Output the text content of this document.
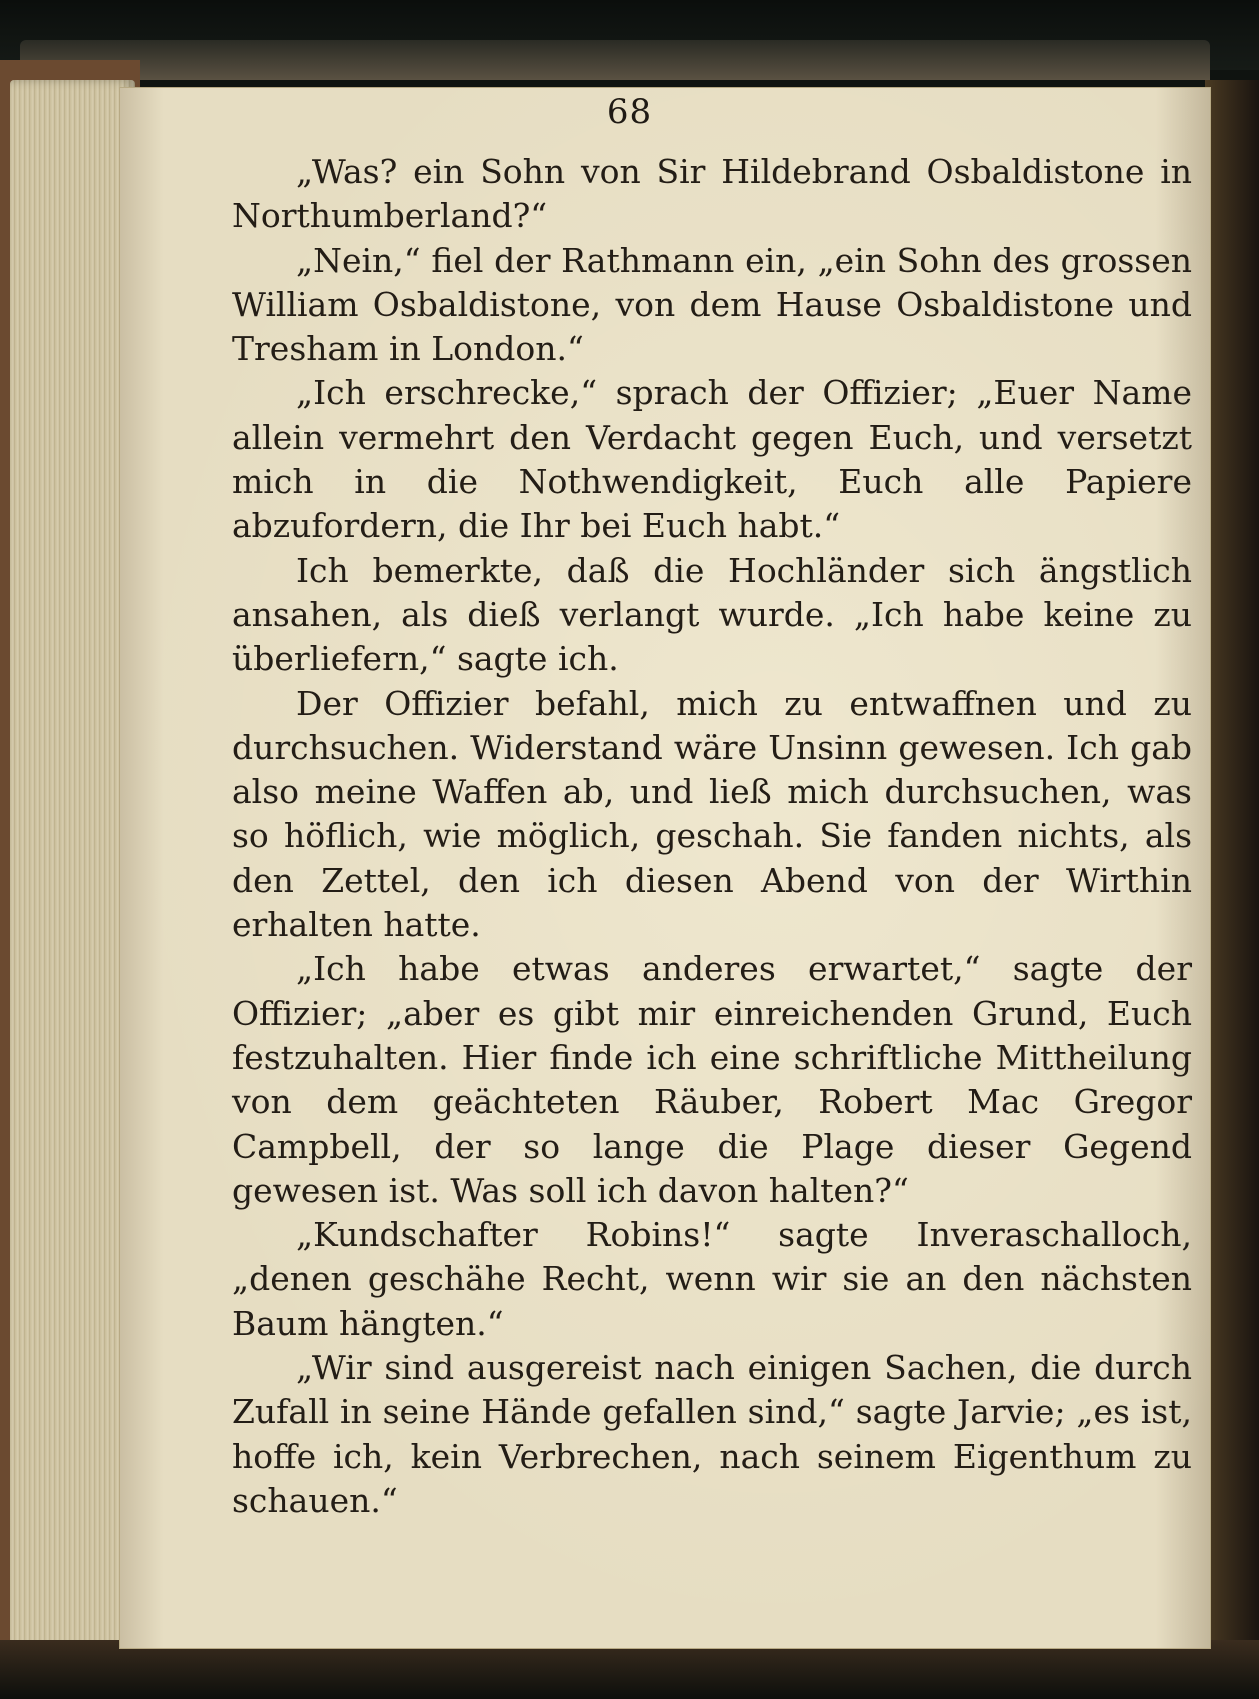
68

„Was? ein Sohn von Sir Hildebrand Osbaldistone in Northumberland?“

„Nein,“ fiel der Rathmann ein, „ein Sohn des grossen William Osbaldistone, von dem Hause Osbaldistone und Tresham in London.“

„Ich erschrecke,“ sprach der Offizier; „Euer Name allein vermehrt den Verdacht gegen Euch, und versetzt mich in die Nothwendigkeit, Euch alle Papiere abzufordern, die Ihr bei Euch habt.“

Ich bemerkte, daß die Hochländer sich ängstlich ansahen, als dieß verlangt wurde. „Ich habe keine zu überliefern,“ sagte ich.

Der Offizier befahl, mich zu entwaffnen und zu durchsuchen. Widerstand wäre Unsinn gewesen. Ich gab also meine Waffen ab, und ließ mich durchsuchen, was so höflich, wie möglich, geschah. Sie fanden nichts, als den Zettel, den ich diesen Abend von der Wirthin erhalten hatte.

„Ich habe etwas anderes erwartet,“ sagte der Offizier; „aber es gibt mir einreichenden Grund, Euch festzuhalten. Hier finde ich eine schriftliche Mittheilung von dem geächteten Räuber, Robert Mac Gregor Campbell, der so lange die Plage dieser Gegend gewesen ist. Was soll ich davon halten?“

„Kundschafter Robins!“ sagte Inveraschalloch, „denen geschähe Recht, wenn wir sie an den nächsten Baum hängten.“

„Wir sind ausgereist nach einigen Sachen, die durch Zufall in seine Hände gefallen sind,“ sagte Jarvie; „es ist, hoffe ich, kein Verbrechen, nach seinem Eigenthum zu schauen.“
